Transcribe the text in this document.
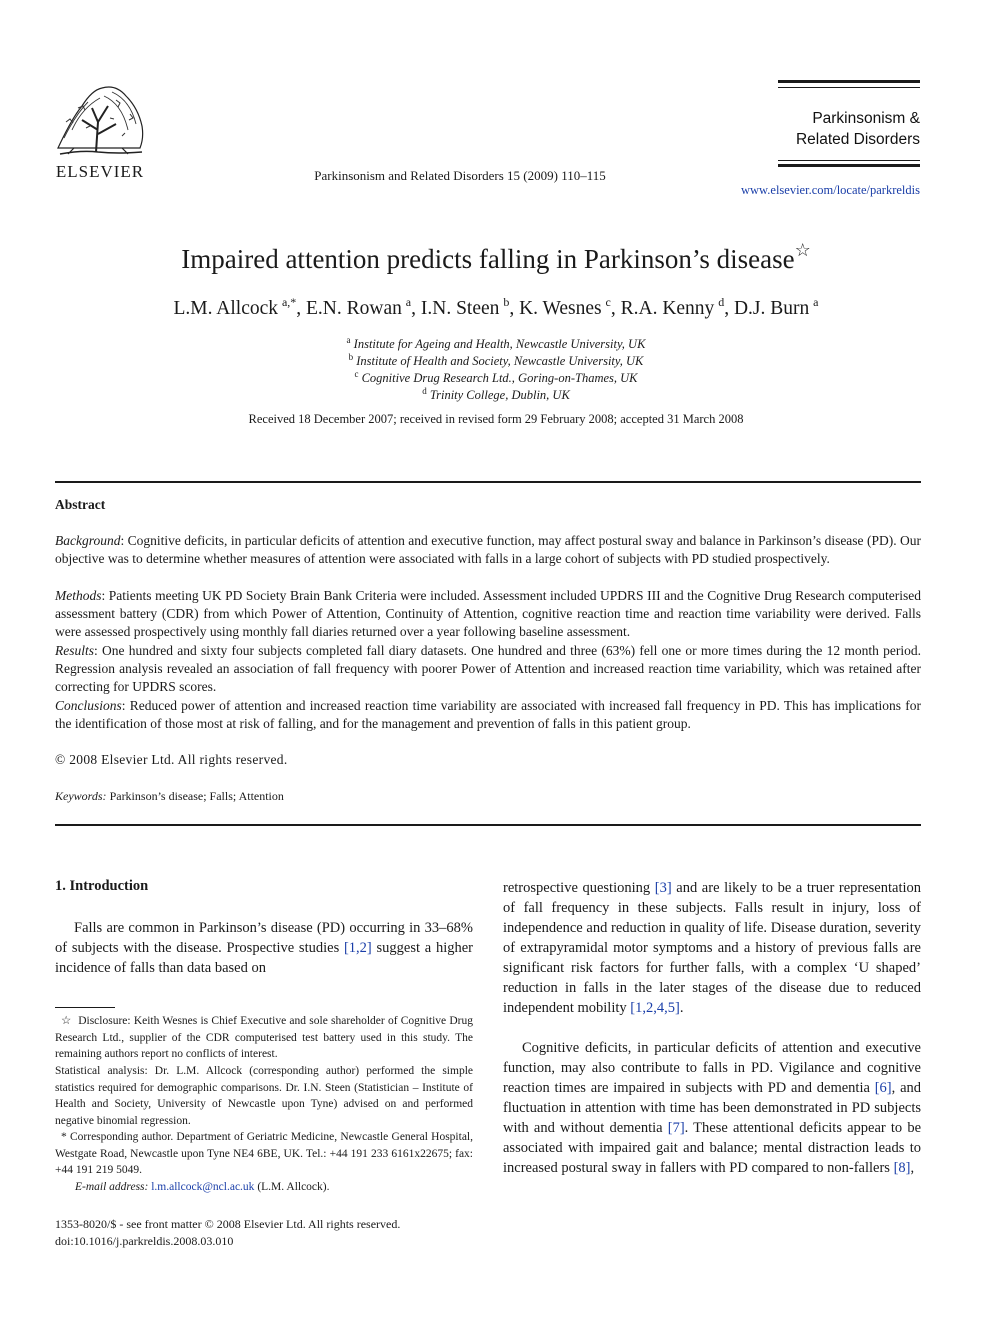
ELSEVIER	Parkinsonism and Related Disorders 15 (2009) 110–115
Parkinsonism &
Related Disorders
www.elsevier.com/locate/parkreldis
Impaired attention predicts falling in Parkinson’s disease☆
L.M. Allcock  $^{a,*}$, E.N. Rowan  $^a$, I.N. Steen  $^b$, K. Wesnes  $^c$, R.A. Kenny  $^d$, D.J. Burn  $^a$
$^a$ Institute for Ageing and Health, Newcastle University, UK
$^b$ Institute of Health and Society, Newcastle University, UK
$^c$ Cognitive Drug Research Ltd., Goring-on-Thames, UK
$^d$ Trinity College, Dublin, UK
Received 18 December 2007; received in revised form 29 February 2008; accepted 31 March 2008
Abstract
Background: Cognitive deficits, in particular deficits of attention and executive function, may affect postural sway and balance in Parkinson’s disease (PD). Our objective was to determine whether measures of attention were associated with falls in a large cohort of subjects with PD studied prospectively.
Methods: Patients meeting UK PD Society Brain Bank Criteria were included. Assessment included UPDRS III and the Cognitive Drug Research computerised assessment battery (CDR) from which Power of Attention, Continuity of Attention, cognitive reaction time and reaction time variability were derived. Falls were assessed prospectively using monthly fall diaries returned over a year following baseline assessment.
Results: One hundred and sixty four subjects completed fall diary datasets. One hundred and three (63%) fell one or more times during the 12 month period. Regression analysis revealed an association of fall frequency with poorer Power of Attention and increased reaction time variability, which was retained after correcting for UPDRS scores.
Conclusions: Reduced power of attention and increased reaction time variability are associated with increased fall frequency in PD. This has implications for the identification of those most at risk of falling, and for the management and prevention of falls in this patient group.
© 2008 Elsevier Ltd. All rights reserved.
Keywords: Parkinson’s disease; Falls; Attention
1. Introduction
Falls are common in Parkinson’s disease (PD) occurring in 33–68% of subjects with the disease. Prospective studies [1,2] suggest a higher incidence of falls than data based on
☆ Disclosure: Keith Wesnes is Chief Executive and sole shareholder of Cognitive Drug Research Ltd., supplier of the CDR computerised test battery used in this study. The remaining authors report no conflicts of interest.
Statistical analysis: Dr. L.M. Allcock (corresponding author) performed the simple statistics required for demographic comparisons. Dr. I.N. Steen (Statistician – Institute of Health and Society, University of Newcastle upon Tyne) advised on and performed negative binomial regression.
* Corresponding author. Department of Geriatric Medicine, Newcastle General Hospital, Westgate Road, Newcastle upon Tyne NE4 6BE, UK. Tel.: +44 191 233 6161x22675; fax: +44 191 219 5049.
E-mail address: l.m.allcock@ncl.ac.uk (L.M. Allcock).
1353-8020/$ - see front matter © 2008 Elsevier Ltd. All rights reserved.
doi:10.1016/j.parkreldis.2008.03.010
retrospective questioning [3] and are likely to be a truer representation of fall frequency in these subjects. Falls result in injury, loss of independence and reduction in quality of life. Disease duration, severity of extrapyramidal motor symptoms and a history of previous falls are significant risk factors for further falls, with a complex ‘U shaped’ reduction in falls in the later stages of the disease due to reduced independent mobility [1,2,4,5].
Cognitive deficits, in particular deficits of attention and executive function, may also contribute to falls in PD. Vigilance and cognitive reaction times are impaired in subjects with PD and dementia [6], and fluctuation in attention with time has been demonstrated in PD subjects with and without dementia [7]. These attentional deficits appear to be associated with impaired gait and balance; mental distraction leads to increased postural sway in fallers with PD compared to non-fallers [8],
